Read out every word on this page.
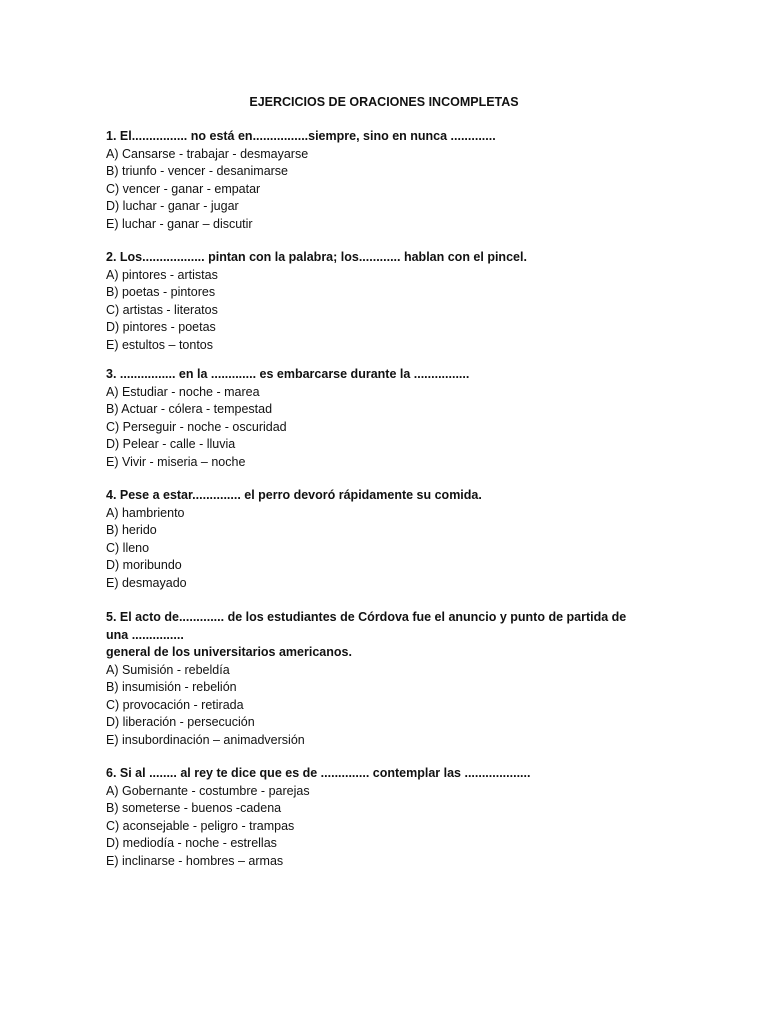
EJERCICIOS DE ORACIONES INCOMPLETAS
1. El................ no está en................siempre, sino en nunca .............
A) Cansarse - trabajar - desmayarse
B) triunfo - vencer - desanimarse
C) vencer - ganar - empatar
D) luchar - ganar - jugar
E) luchar - ganar – discutir
2. Los.................. pintan con la palabra; los............ hablan con el pincel.
A) pintores - artistas
B) poetas - pintores
C) artistas - literatos
D) pintores - poetas
E) estultos – tontos
3. ................ en la ............. es embarcarse durante la ................
A) Estudiar - noche - marea
B) Actuar - cólera - tempestad
C) Perseguir - noche - oscuridad
D) Pelear - calle - lluvia
E) Vivir - miseria – noche
4. Pese a estar.............. el perro devoró rápidamente su comida.
A) hambriento
B) herido
C) lleno
D) moribundo
E) desmayado
5. El acto de............. de los estudiantes de Córdova fue el anuncio y punto de partida de
una ...............
general de los universitarios americanos.
A) Sumisión - rebeldía
B) insumisión - rebelión
C) provocación - retirada
D) liberación - persecución
E) insubordinación – animadversión
6. Si al ........ al rey te dice que es de .............. contemplar las ...................
A) Gobernante - costumbre - parejas
B) someterse - buenos -cadena
C) aconsejable - peligro - trampas
D) mediodía - noche - estrellas
E) inclinarse - hombres – armas
